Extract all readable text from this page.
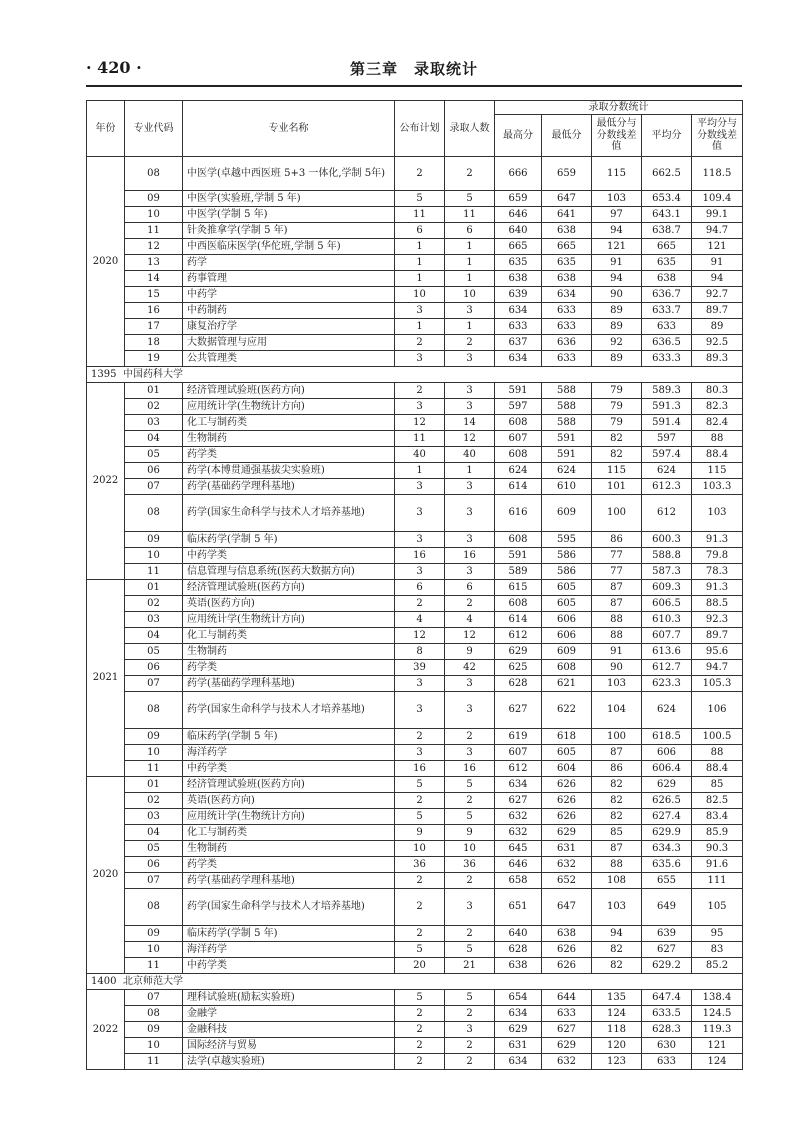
· 420 ·	第三章　录取统计
年份	专业代码	专业名称	公布计划	录取人数	录取分数统计				
					最高分	最低分	最低分与分数线差值	平均分	平均分与分数线差值
2020	08	中医学(卓越中西医班 5+3 一体化,学制 5年)	2	2	666	659	115	662.5	118.5
	09	中医学(实验班,学制 5 年)	5	5	659	647	103	653.4	109.4
	10	中医学(学制 5 年)	11	11	646	641	97	643.1	99.1
	11	针灸推拿学(学制 5 年)	6	6	640	638	94	638.7	94.7
	12	中西医临床医学(华佗班,学制 5 年)	1	1	665	665	121	665	121
	13	药学	1	1	635	635	91	635	91
	14	药事管理	1	1	638	638	94	638	94
	15	中药学	10	10	639	634	90	636.7	92.7
	16	中药制药	3	3	634	633	89	633.7	89.7
	17	康复治疗学	1	1	633	633	89	633	89
	18	大数据管理与应用	2	2	637	636	92	636.5	92.5
	19	公共管理类	3	3	634	633	89	633.3	89.3
1395 中国药科大学									
2022	01	经济管理试验班(医药方向)	2	3	591	588	79	589.3	80.3
	02	应用统计学(生物统计方向)	3	3	597	588	79	591.3	82.3
	03	化工与制药类	12	14	608	588	79	591.4	82.4
	04	生物制药	11	12	607	591	82	597	88
	05	药学类	40	40	608	591	82	597.4	88.4
	06	药学(本博贯通强基拔尖实验班)	1	1	624	624	115	624	115
	07	药学(基础药学理科基地)	3	3	614	610	101	612.3	103.3
	08	药学(国家生命科学与技术人才培养基地)	3	3	616	609	100	612	103
	09	临床药学(学制 5 年)	3	3	608	595	86	600.3	91.3
	10	中药学类	16	16	591	586	77	588.8	79.8
	11	信息管理与信息系统(医药大数据方向)	3	3	589	586	77	587.3	78.3
2021	01	经济管理试验班(医药方向)	6	6	615	605	87	609.3	91.3
	02	英语(医药方向)	2	2	608	605	87	606.5	88.5
	03	应用统计学(生物统计方向)	4	4	614	606	88	610.3	92.3
	04	化工与制药类	12	12	612	606	88	607.7	89.7
	05	生物制药	8	9	629	609	91	613.6	95.6
	06	药学类	39	42	625	608	90	612.7	94.7
	07	药学(基础药学理科基地)	3	3	628	621	103	623.3	105.3
	08	药学(国家生命科学与技术人才培养基地)	3	3	627	622	104	624	106
	09	临床药学(学制 5 年)	2	2	619	618	100	618.5	100.5
	10	海洋药学	3	3	607	605	87	606	88
	11	中药学类	16	16	612	604	86	606.4	88.4
2020	01	经济管理试验班(医药方向)	5	5	634	626	82	629	85
	02	英语(医药方向)	2	2	627	626	82	626.5	82.5
	03	应用统计学(生物统计方向)	5	5	632	626	82	627.4	83.4
	04	化工与制药类	9	9	632	629	85	629.9	85.9
	05	生物制药	10	10	645	631	87	634.3	90.3
	06	药学类	36	36	646	632	88	635.6	91.6
	07	药学(基础药学理科基地)	2	2	658	652	108	655	111
	08	药学(国家生命科学与技术人才培养基地)	2	3	651	647	103	649	105
	09	临床药学(学制 5 年)	2	2	640	638	94	639	95
	10	海洋药学	5	5	628	626	82	627	83
	11	中药学类	20	21	638	626	82	629.2	85.2
1400 北京师范大学									
2022	07	理科试验班(励耘实验班)	5	5	654	644	135	647.4	138.4
	08	金融学	2	2	634	633	124	633.5	124.5
	09	金融科技	2	3	629	627	118	628.3	119.3
	10	国际经济与贸易	2	2	631	629	120	630	121
	11	法学(卓越实验班)	2	2	634	632	123	633	124
